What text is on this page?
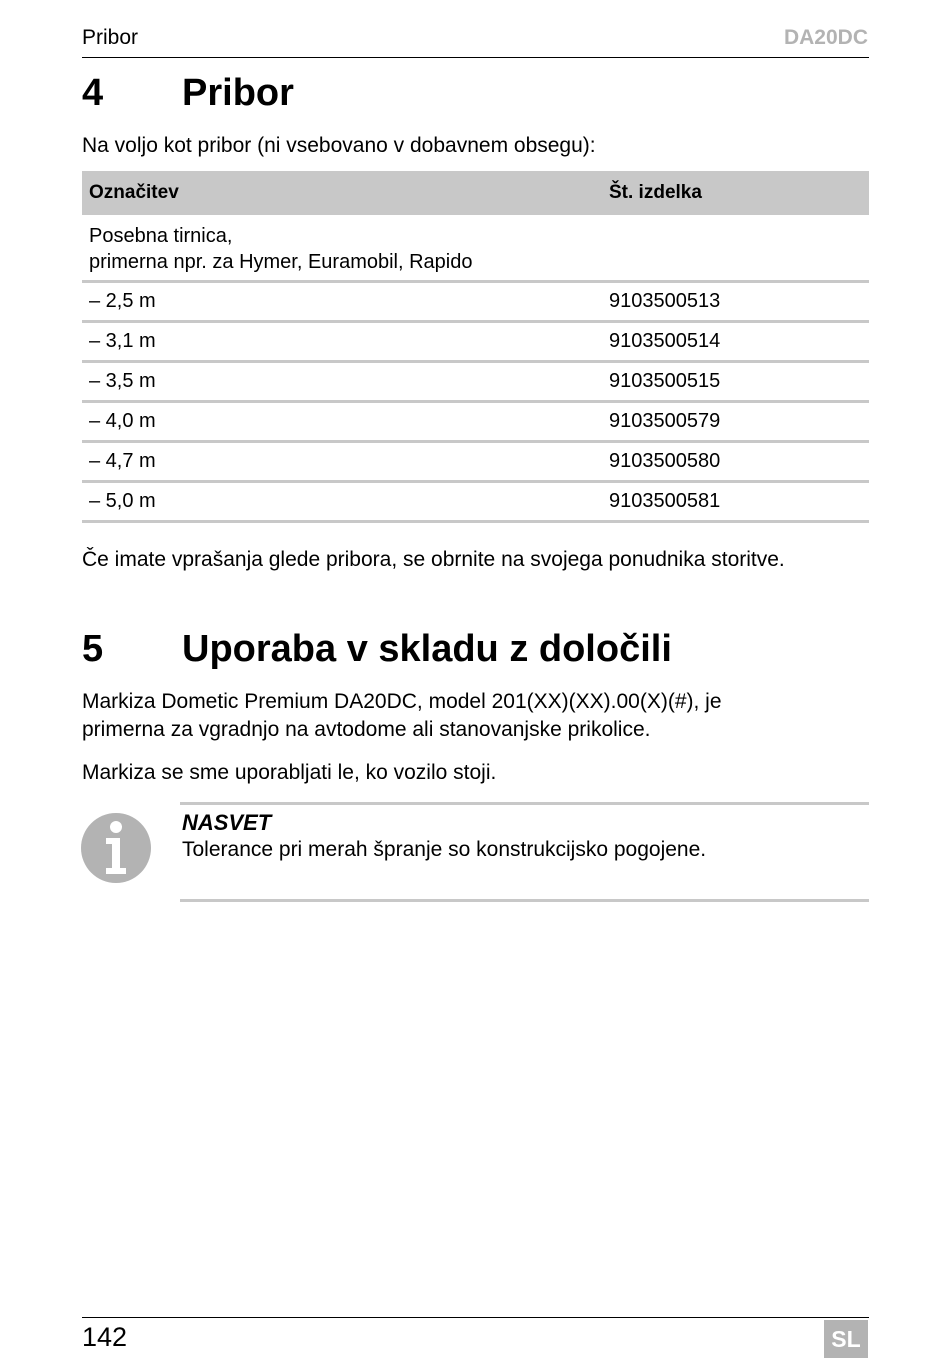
Pribor	DA20DC
4 Pribor
Na voljo kot pribor (ni vsebovano v dobavnem obsegu):
Označitev	Št. izdelka
Posebna tirnica,
primerna npr. za Hymer, Euramobil, Rapido
– 2,5 m	9103500513
– 3,1 m	9103500514
– 3,5 m	9103500515
– 4,0 m	9103500579
– 4,7 m	9103500580
– 5,0 m	9103500581
Če imate vprašanja glede pribora, se obrnite na svojega ponudnika storitve.
5 Uporaba v skladu z določili
Markiza Dometic Premium DA20DC, model 201(XX)(XX).00(X)(#), je
primerna za vgradnjo na avtodome ali stanovanjske prikolice.
Markiza se sme uporabljati le, ko vozilo stoji.
NASVET
Tolerance pri merah špranje so konstrukcijsko pogojene.
142	SL
